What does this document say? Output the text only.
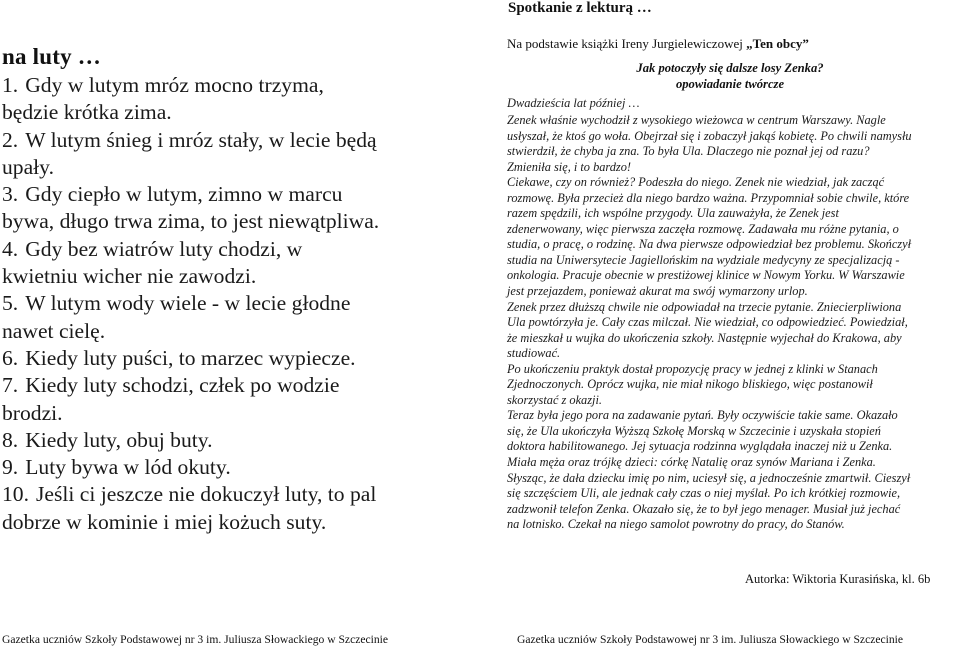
na luty …
1. Gdy w lutym mróz mocno trzyma,
będzie krótka zima.
2. W lutym śnieg i mróz stały, w lecie będą
upały.
3. Gdy ciepło w lutym, zimno w marcu
bywa, długo trwa zima, to jest niewątpliwa.
4. Gdy bez wiatrów luty chodzi, w
kwietniu wicher nie zawodzi.
5. W lutym wody wiele - w lecie głodne
nawet cielę.
6. Kiedy luty puści, to marzec wypiecze.
7. Kiedy luty schodzi, człek po wodzie
brodzi.
8. Kiedy luty, obuj buty.
9. Luty bywa w lód okuty.
10. Jeśli ci jeszcze nie dokuczył luty, to pal
dobrze w kominie i miej kożuch suty.
Gazetka uczniów Szkoły Podstawowej nr 3 im. Juliusza Słowackiego w Szczecinie
Spotkanie z lekturą …
Na podstawie książki Ireny Jurgielewiczowej „Ten obcy”
Jak potoczyły się dalsze losy Zenka?
opowiadanie twórcze
Dwadzieścia lat później …
Zenek właśnie wychodził z wysokiego wieżowca w centrum Warszawy. Nagle
usłyszał, że ktoś go woła. Obejrzał się i zobaczył jakąś kobietę. Po chwili namysłu
stwierdził, że chyba ja zna. To była Ula. Dlaczego nie poznał jej od razu?
Zmieniła się, i to bardzo!
Ciekawe, czy on również? Podeszła do niego. Zenek nie wiedział, jak zacząć
rozmowę. Była przecież dla niego bardzo ważna. Przypomniał sobie chwile, które
razem spędzili, ich wspólne przygody. Ula zauważyła, że Zenek jest
zdenerwowany, więc pierwsza zaczęła rozmowę. Zadawała mu różne pytania, o
studia, o pracę, o rodzinę. Na dwa pierwsze odpowiedział bez problemu. Skończył
studia na Uniwersytecie Jagiellońskim na wydziale medycyny ze specjalizacją -
onkologia. Pracuje obecnie w prestiżowej klinice w Nowym Yorku. W Warszawie
jest przejazdem, ponieważ akurat ma swój wymarzony urlop.
Zenek przez dłuższą chwile nie odpowiadał na trzecie pytanie. Zniecierpliwiona
Ula powtórzyła je. Cały czas milczał. Nie wiedział, co odpowiedzieć. Powiedział,
że mieszkał u wujka do ukończenia szkoły. Następnie wyjechał do Krakowa, aby
studiować.
Po ukończeniu praktyk dostał propozycję pracy w jednej z klinki w Stanach
Zjednoczonych. Oprócz wujka, nie miał nikogo bliskiego, więc postanowił
skorzystać z okazji.
Teraz była jego pora na zadawanie pytań. Były oczywiście takie same. Okazało
się, że Ula ukończyła Wyższą Szkołę Morską w Szczecinie i uzyskała stopień
doktora habilitowanego. Jej sytuacja rodzinna wyglądała inaczej niż u Zenka.
Miała męża oraz trójkę dzieci: córkę Natalię oraz synów Mariana i Zenka.
Słysząc, że dała dziecku imię po nim, uciesył się, a jednocześnie zmartwił. Cieszył
się szczęściem Uli, ale jednak cały czas o niej myślał. Po ich krótkiej rozmowie,
zadzwonił telefon Zenka. Okazało się, że to był jego menager. Musiał już jechać
na lotnisko. Czekał na niego samolot powrotny do pracy, do Stanów.
Autorka: Wiktoria Kurasińska, kl. 6b
Gazetka uczniów Szkoły Podstawowej nr 3 im. Juliusza Słowackiego w Szczecinie
